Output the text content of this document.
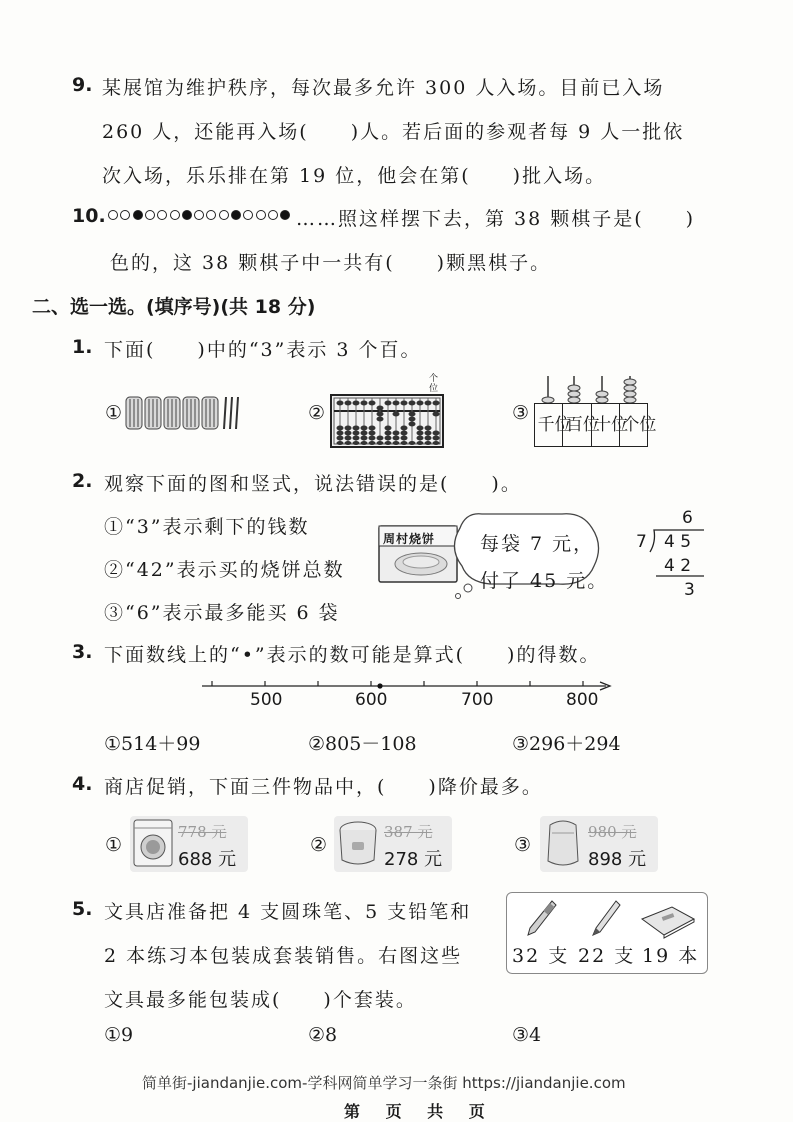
9. 某展馆为维护秩序，每次最多允许 300 人入场。目前已入场
260 人，还能再入场(　　)人。若后面的参观者每 9 人一批依
次入场，乐乐排在第 19 位，他会在第(　　)批入场。
10.	……照这样摆下去，第 38 颗棋子是(　　)
色的，这 38 颗棋子中一共有(　　)颗黑棋子。
二、选一选。(填序号)(共 18 分)
1. 下面(　　)中的“3”表示 3 个百。
①	②
个位
③
千位
百位
十位
个位
2. 观察下面的图和竖式，说法错误的是(　　)。
①“3”表示剩下的钱数
②“42”表示买的烧饼总数
③“6”表示最多能买 6 袋
周村烧饼 每袋 7 元，
付了 45 元。
6
7 4 5
4 2
3
3. 下面数线上的“•”表示的数可能是算式(　　)的得数。
500	600	700	800
①514＋99	②805－108	③296＋294
4. 商店促销，下面三件物品中，(　　)降价最多。
①
778 元
688 元
②
387 元
278 元
③
980 元
898 元
5. 文具店准备把 4 支圆珠笔、5 支铅笔和
2 本练习本包装成套装销售。右图这些
文具最多能包装成(　　)个套装。
32 支 22 支 19 本
①9	②8	③4
简单街-jiandanjie.com-学科网简单学习一条街 https://jiandanjie.com
第 页 共 页
